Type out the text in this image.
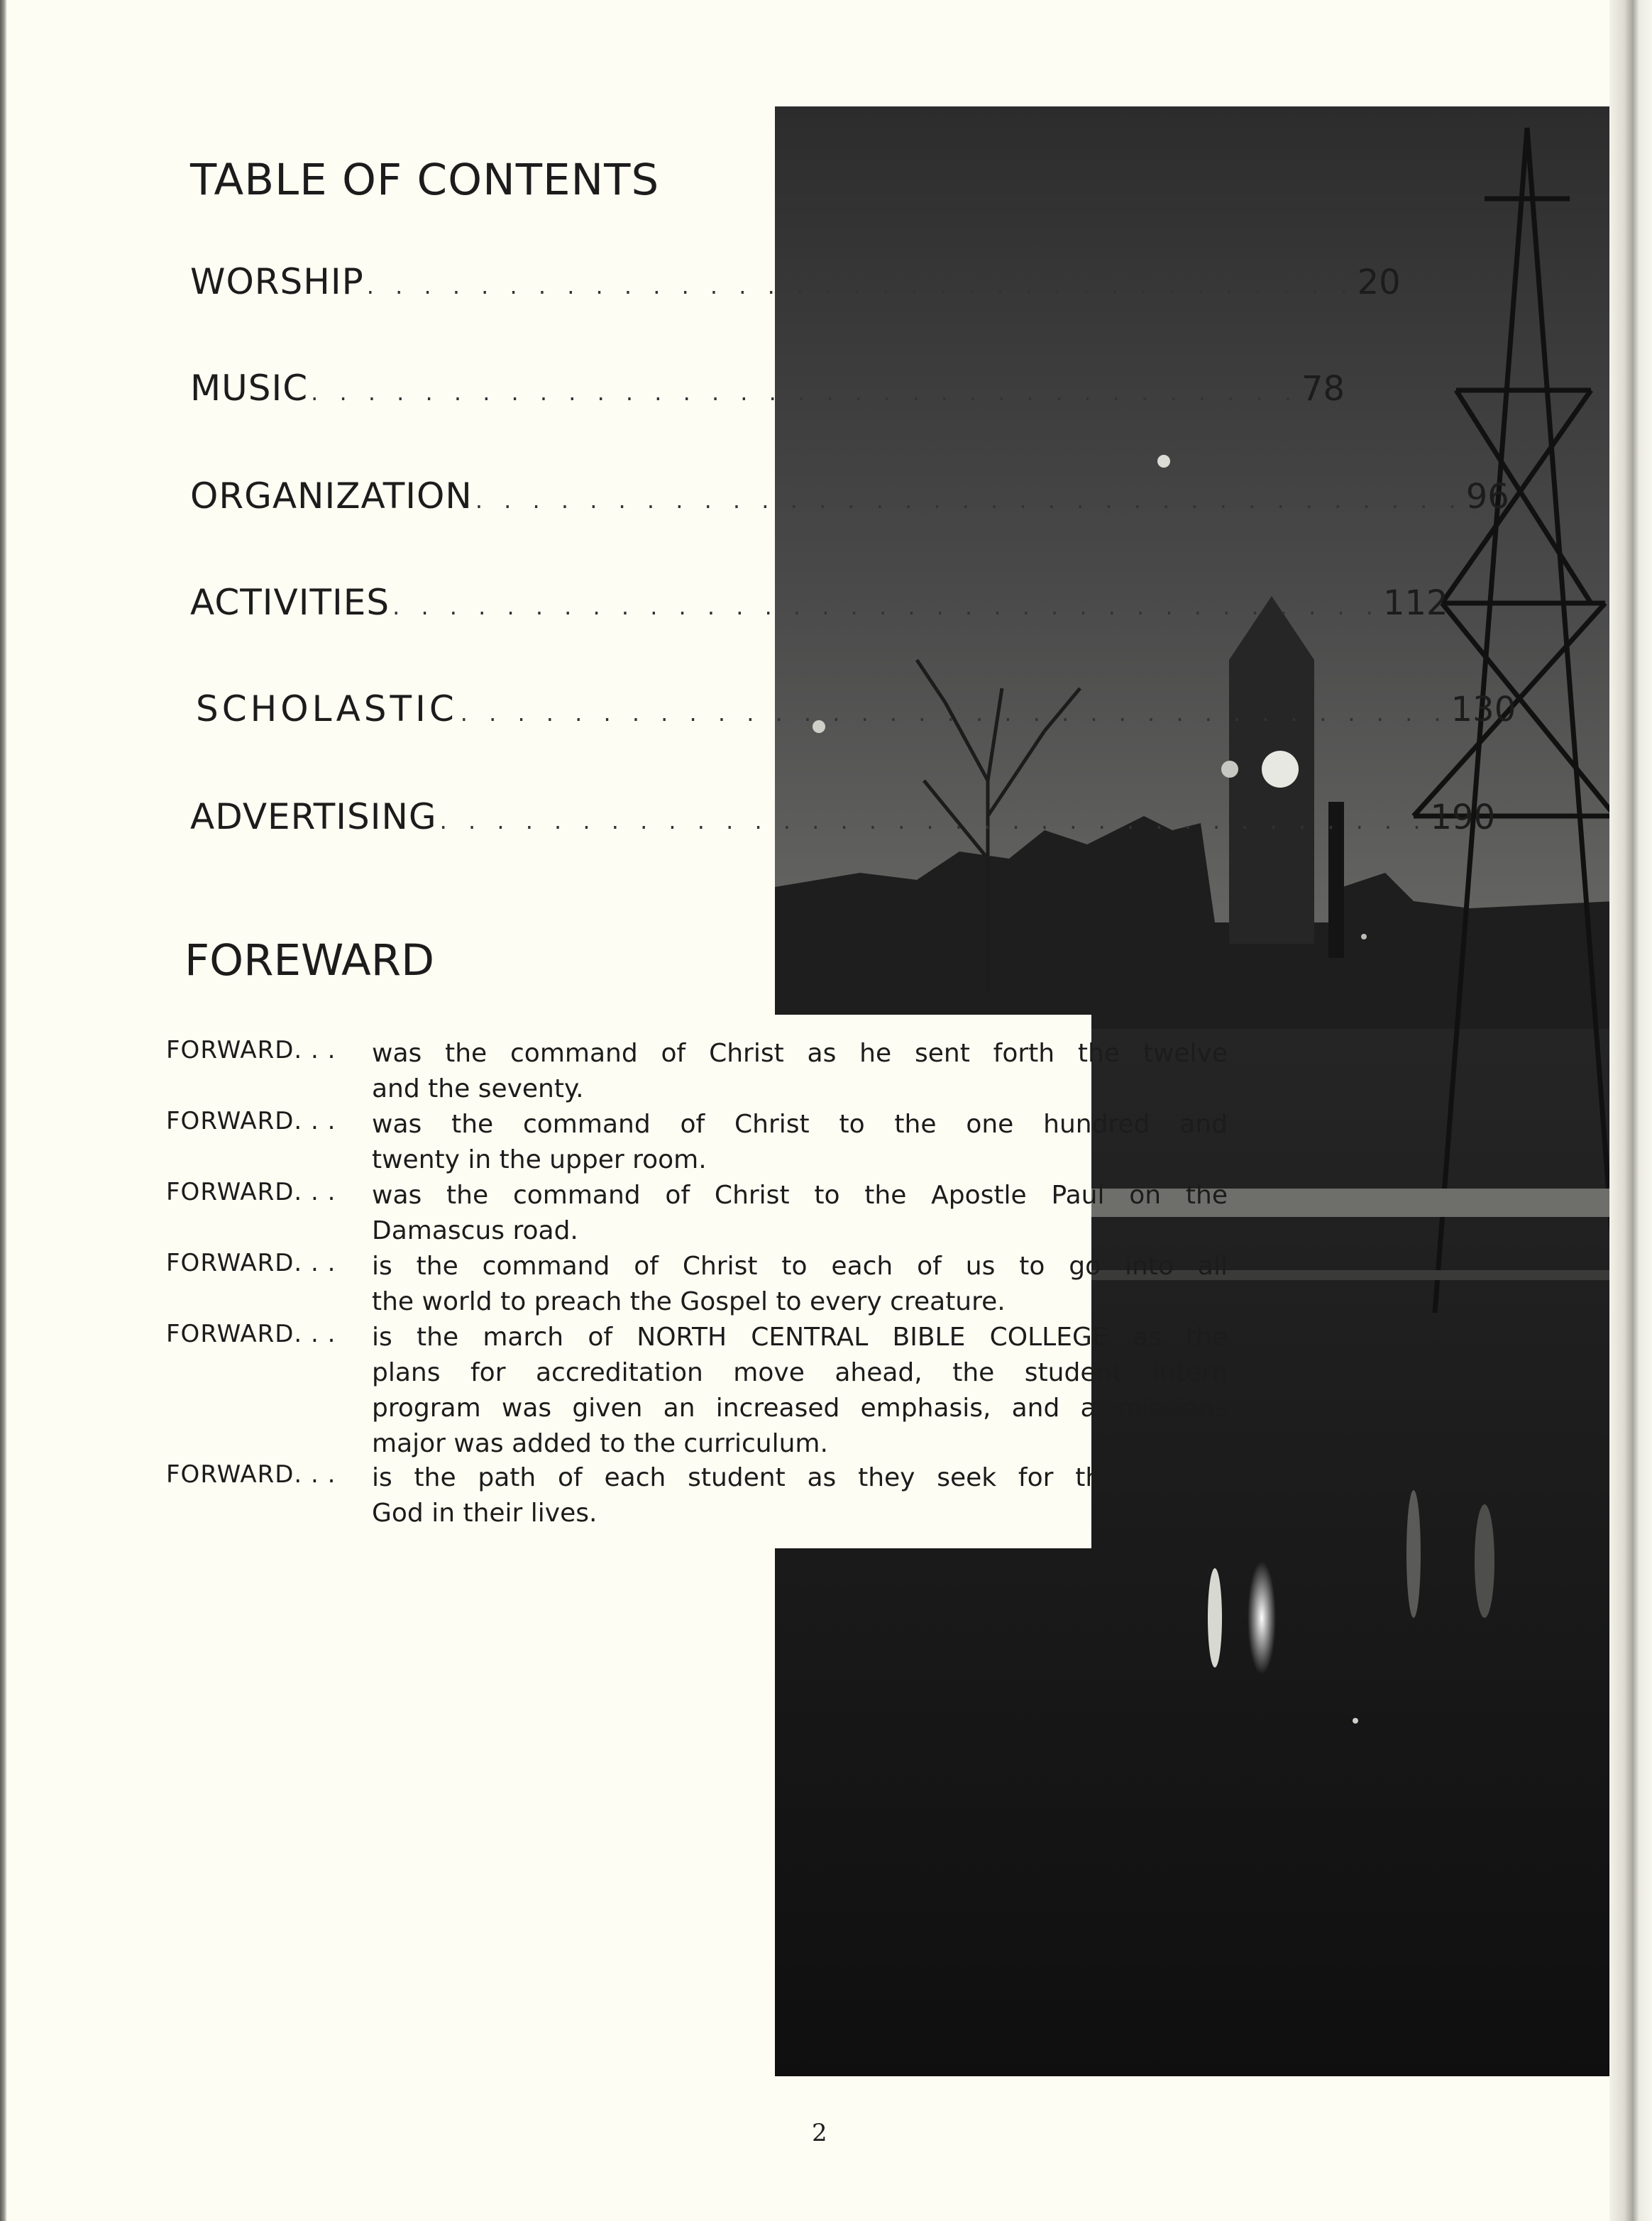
TABLE OF CONTENTS
WORSHIP . . . . . . . . . . . . . . . . . . . . . . . . . . . . . . . . . . . 20
MUSIC . . . . . . . . . . . . . . . . . . . . . . . . . . . . . . . . . . . 78
ORGANIZATION . . . . . . . . . . . . . . . . . . . . . . . . . . . . . . . . . . . 96
ACTIVITIES . . . . . . . . . . . . . . . . . . . . . . . . . . . . . . . . . . . 112
SCHOLASTIC . . . . . . . . . . . . . . . . . . . . . . . . . . . . . . . . . . . 130
ADVERTISING . . . . . . . . . . . . . . . . . . . . . . . . . . . . . . . . . . . 190
FOREWARD
FORWARD. . . was the command of Christ as he sent forth the twelve
and the seventy.
FORWARD. . . was the command of Christ to the one hundred and
twenty in the upper room.
FORWARD. . . was the command of Christ to the Apostle Paul on the
Damascus road.
FORWARD. . . is the command of Christ to each of us to go into all
the world to preach the Gospel to every creature.
FORWARD. . . is the march of NORTH CENTRAL BIBLE COLLEGE as the
plans for accreditation move ahead, the student intern
program was given an increased emphasis, and a missions
major was added to the curriculum.
FORWARD. . . is the path of each student as they seek for the will of
God in their lives.
2
